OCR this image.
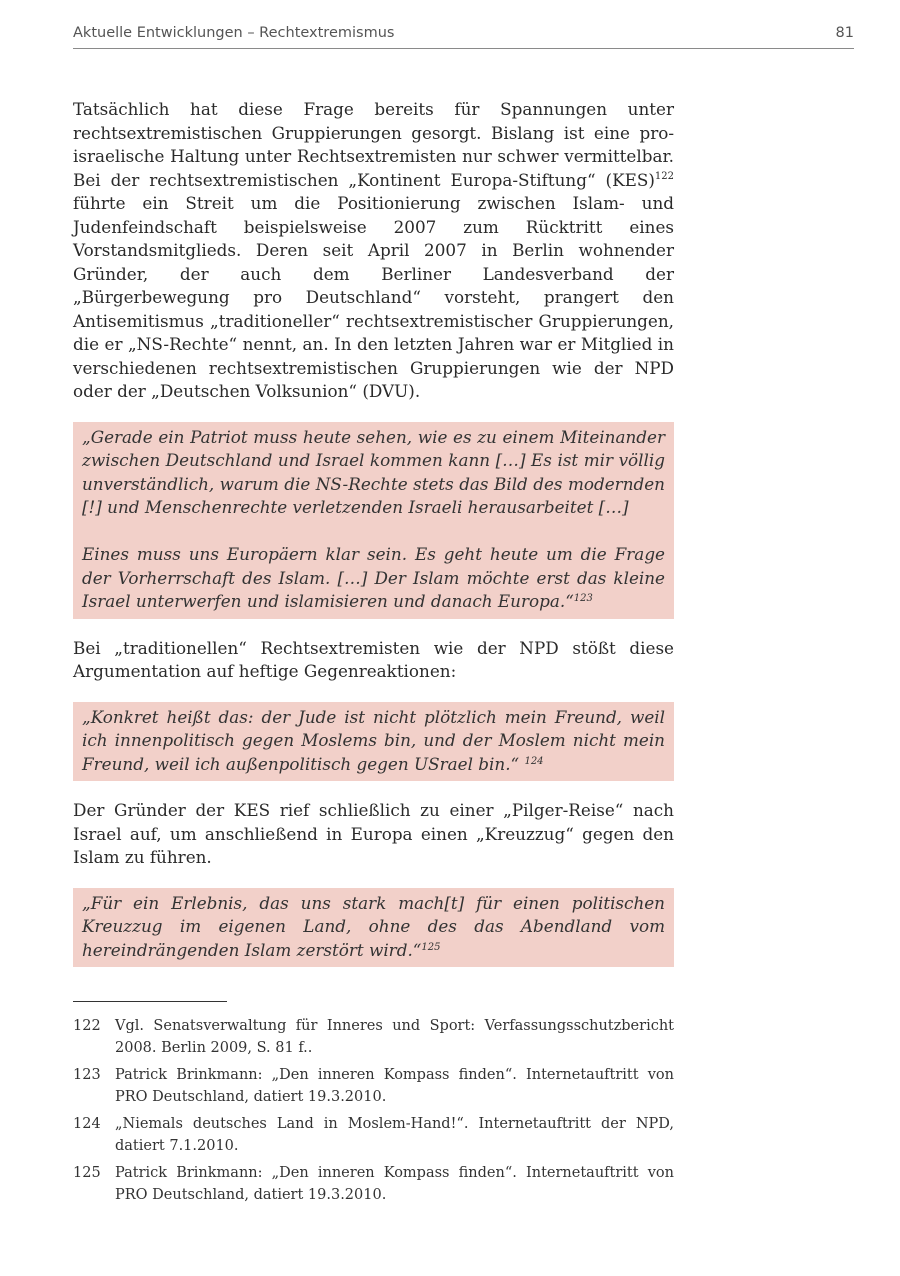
Aktuelle Entwicklungen – Rechtextremismus	81

Tatsächlich hat diese Frage bereits für Spannungen unter rechtsextremistischen Gruppierungen gesorgt. Bislang ist eine pro-israelische Haltung unter Rechtsextremisten nur schwer vermittelbar. Bei der rechtsextremistischen „Kontinent Europa-Stiftung“ (KES)$^{122}$ führte ein Streit um die Positionierung zwischen Islam- und Judenfeindschaft beispielsweise 2007 zum Rücktritt eines Vorstandsmitglieds. Deren seit April 2007 in Berlin wohnender Gründer, der auch dem Berliner Landesverband der „Bürgerbewegung pro Deutschland“ vorsteht, prangert den Antisemitismus „traditioneller“ rechtsextremistischer Gruppierungen, die er „NS-Rechte“ nennt, an. In den letzten Jahren war er Mitglied in verschiedenen rechtsextremistischen Gruppierungen wie der NPD oder der „Deutschen Volksunion“ (DVU).

„Gerade ein Patriot muss heute sehen, wie es zu einem Miteinander zwischen Deutschland und Israel kommen kann […] Es ist mir völlig unverständlich, warum die NS-Rechte stets das Bild des modernden [!] und Menschenrechte verletzenden Israeli herausarbeitet […]

Eines muss uns Europäern klar sein. Es geht heute um die Frage der Vorherrschaft des Islam. […] Der Islam möchte erst das kleine Israel unterwerfen und islamisieren und danach Europa.“$^{123}$

Bei „traditionellen“ Rechtsextremisten wie der NPD stößt diese Argumentation auf heftige Gegenreaktionen:

„Konkret heißt das: der Jude ist nicht plötzlich mein Freund, weil ich innenpolitisch gegen Moslems bin, und der Moslem nicht mein Freund, weil ich außenpolitisch gegen USrael bin.“ $^{124}$

Der Gründer der KES rief schließlich zu einer „Pilger-Reise“ nach Israel auf, um anschließend in Europa einen „Kreuzzug“ gegen den Islam zu führen.

„Für ein Erlebnis, das uns stark mach[t] für einen politischen Kreuzzug im eigenen Land, ohne des das Abendland vom hereindrängenden Islam zerstört wird.“$^{125}$

122 Vgl. Senatsverwaltung für Inneres und Sport: Verfassungsschutzbericht 2008. Berlin 2009, S. 81 f..
123 Patrick Brinkmann: „Den inneren Kompass finden“. Internetauftritt von PRO Deutschland, datiert 19.3.2010.
124 „Niemals deutsches Land in Moslem-Hand!“. Internetauftritt der NPD, datiert 7.1.2010.
125 Patrick Brinkmann: „Den inneren Kompass finden“. Internetauftritt von PRO Deutschland, datiert 19.3.2010.
